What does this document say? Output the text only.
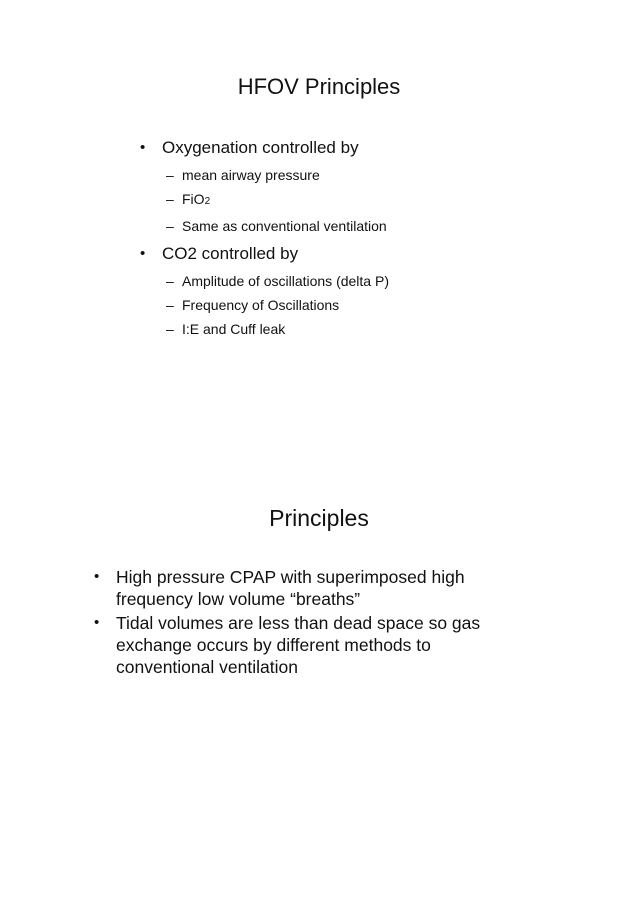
HFOV Principles
• Oxygenation controlled by
– mean airway pressure
– FiO2
– Same as conventional ventilation
• CO2 controlled by
– Amplitude of oscillations (delta P)
– Frequency of Oscillations
– I:E and Cuff leak
Principles
• High pressure CPAP with superimposed high frequency low volume “breaths”
• Tidal volumes are less than dead space so gas exchange occurs by different methods to conventional ventilation
